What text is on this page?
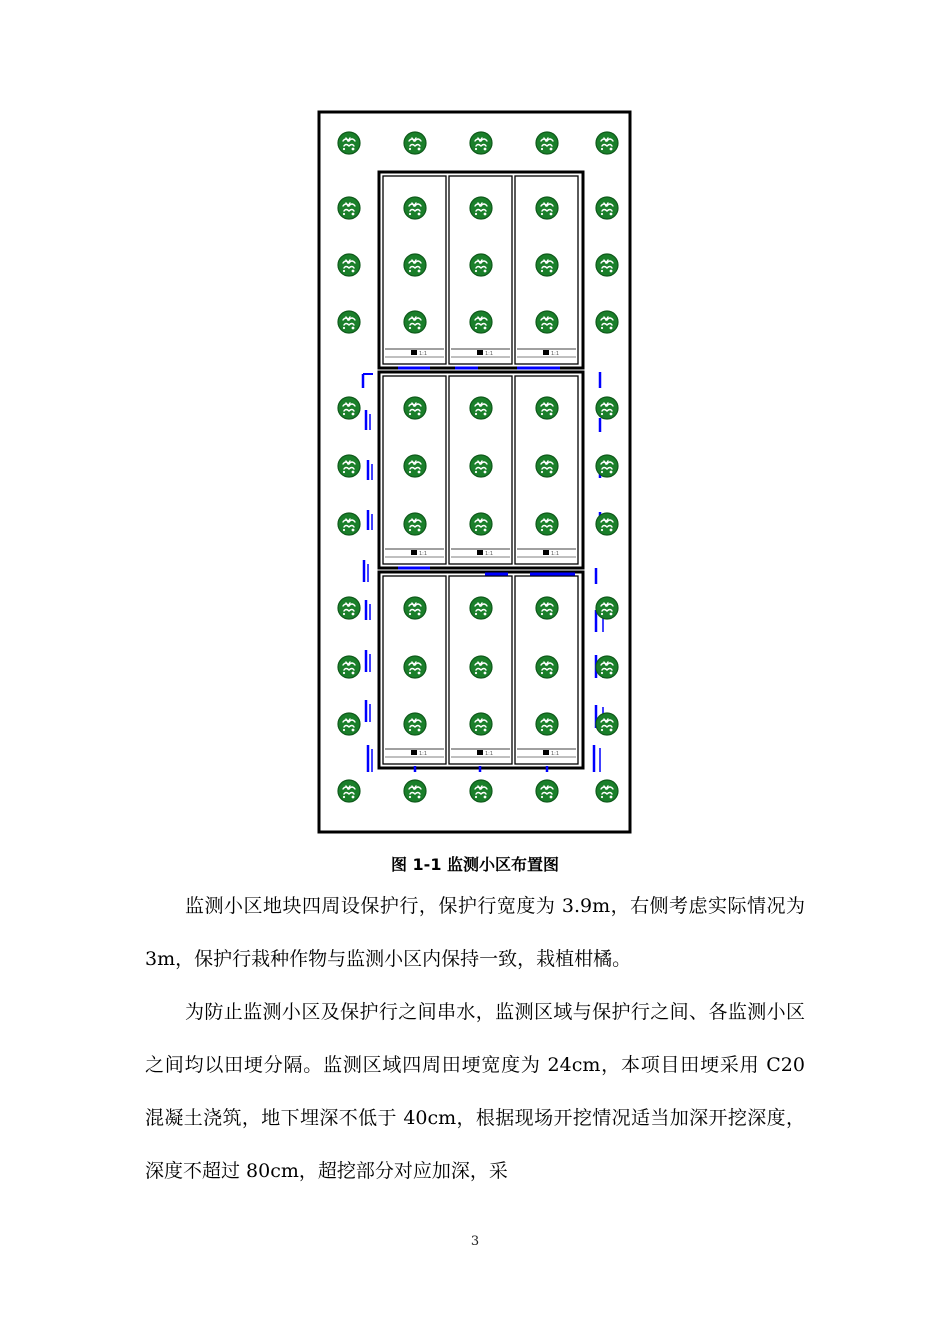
1:1	1:1	1:1
1:1	1:1	1:1
1:1	1:1	1:1
图 1-1 监测小区布置图

监测小区地块四周设保护行，保护行宽度为 3.9m，右侧考虑实际情况为 3m，保护行栽种作物与监测小区内保持一致，栽植柑橘。

为防止监测小区及保护行之间串水，监测区域与保护行之间、各监测小区之间均以田埂分隔。监测区域四周田埂宽度为 24cm，本项目田埂采用 C20 混凝土浇筑，地下埋深不低于 40cm，根据现场开挖情况适当加深开挖深度，深度不超过 80cm，超挖部分对应加深，采

3
